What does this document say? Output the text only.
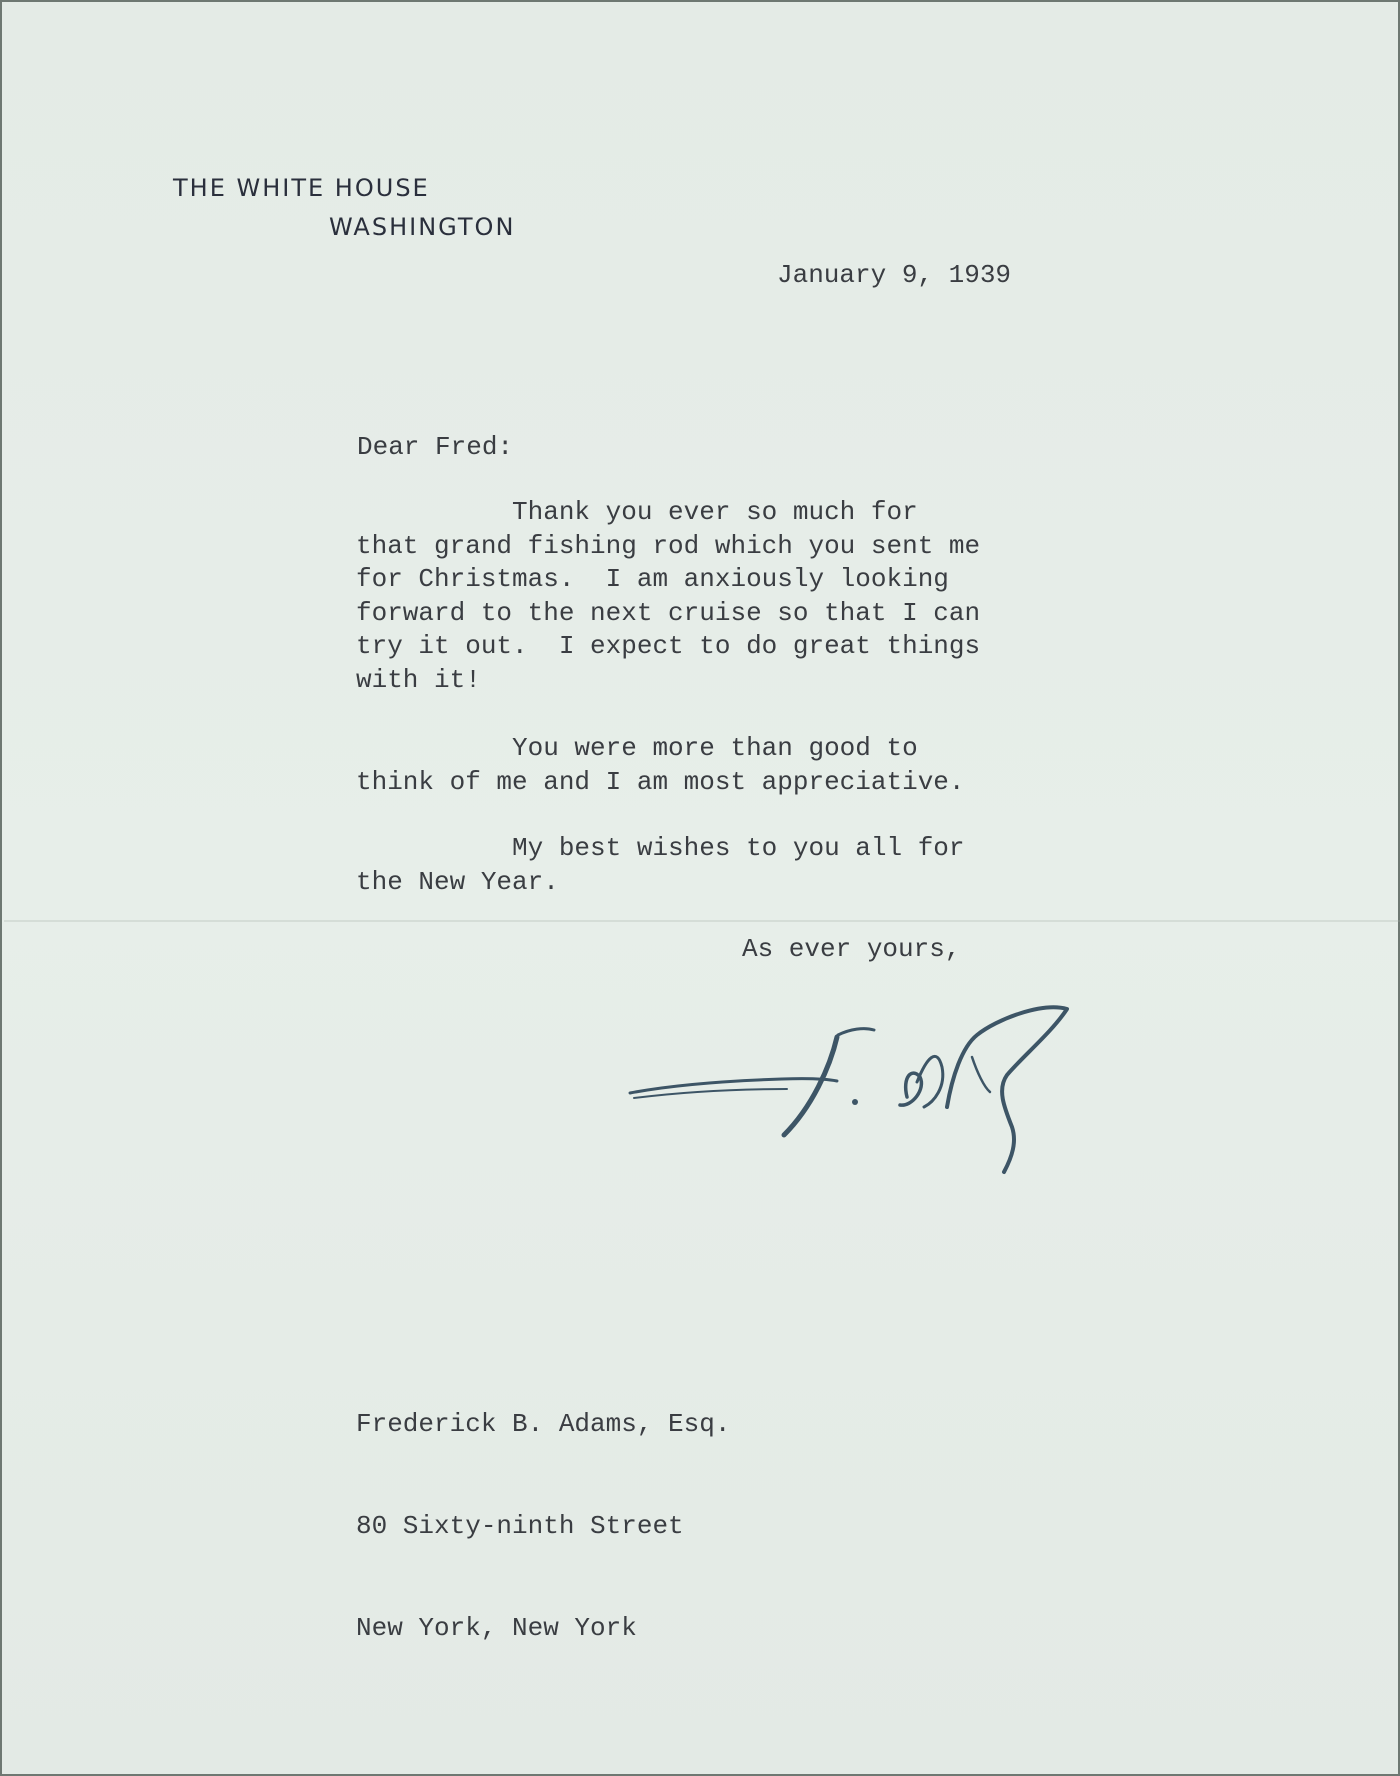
THE WHITE HOUSE
WASHINGTON
January 9, 1939
Dear Fred:

Thank you ever so much for
that grand fishing rod which you sent me
for Christmas.  I am anxiously looking
forward to the next cruise so that I can
try it out.  I expect to do great things
with it!

You were more than good to
think of me and I am most appreciative.

My best wishes to you all for
the New Year.

As ever yours,

Frederick B. Adams, Esq.

80 Sixty-ninth Street

New York, New York
